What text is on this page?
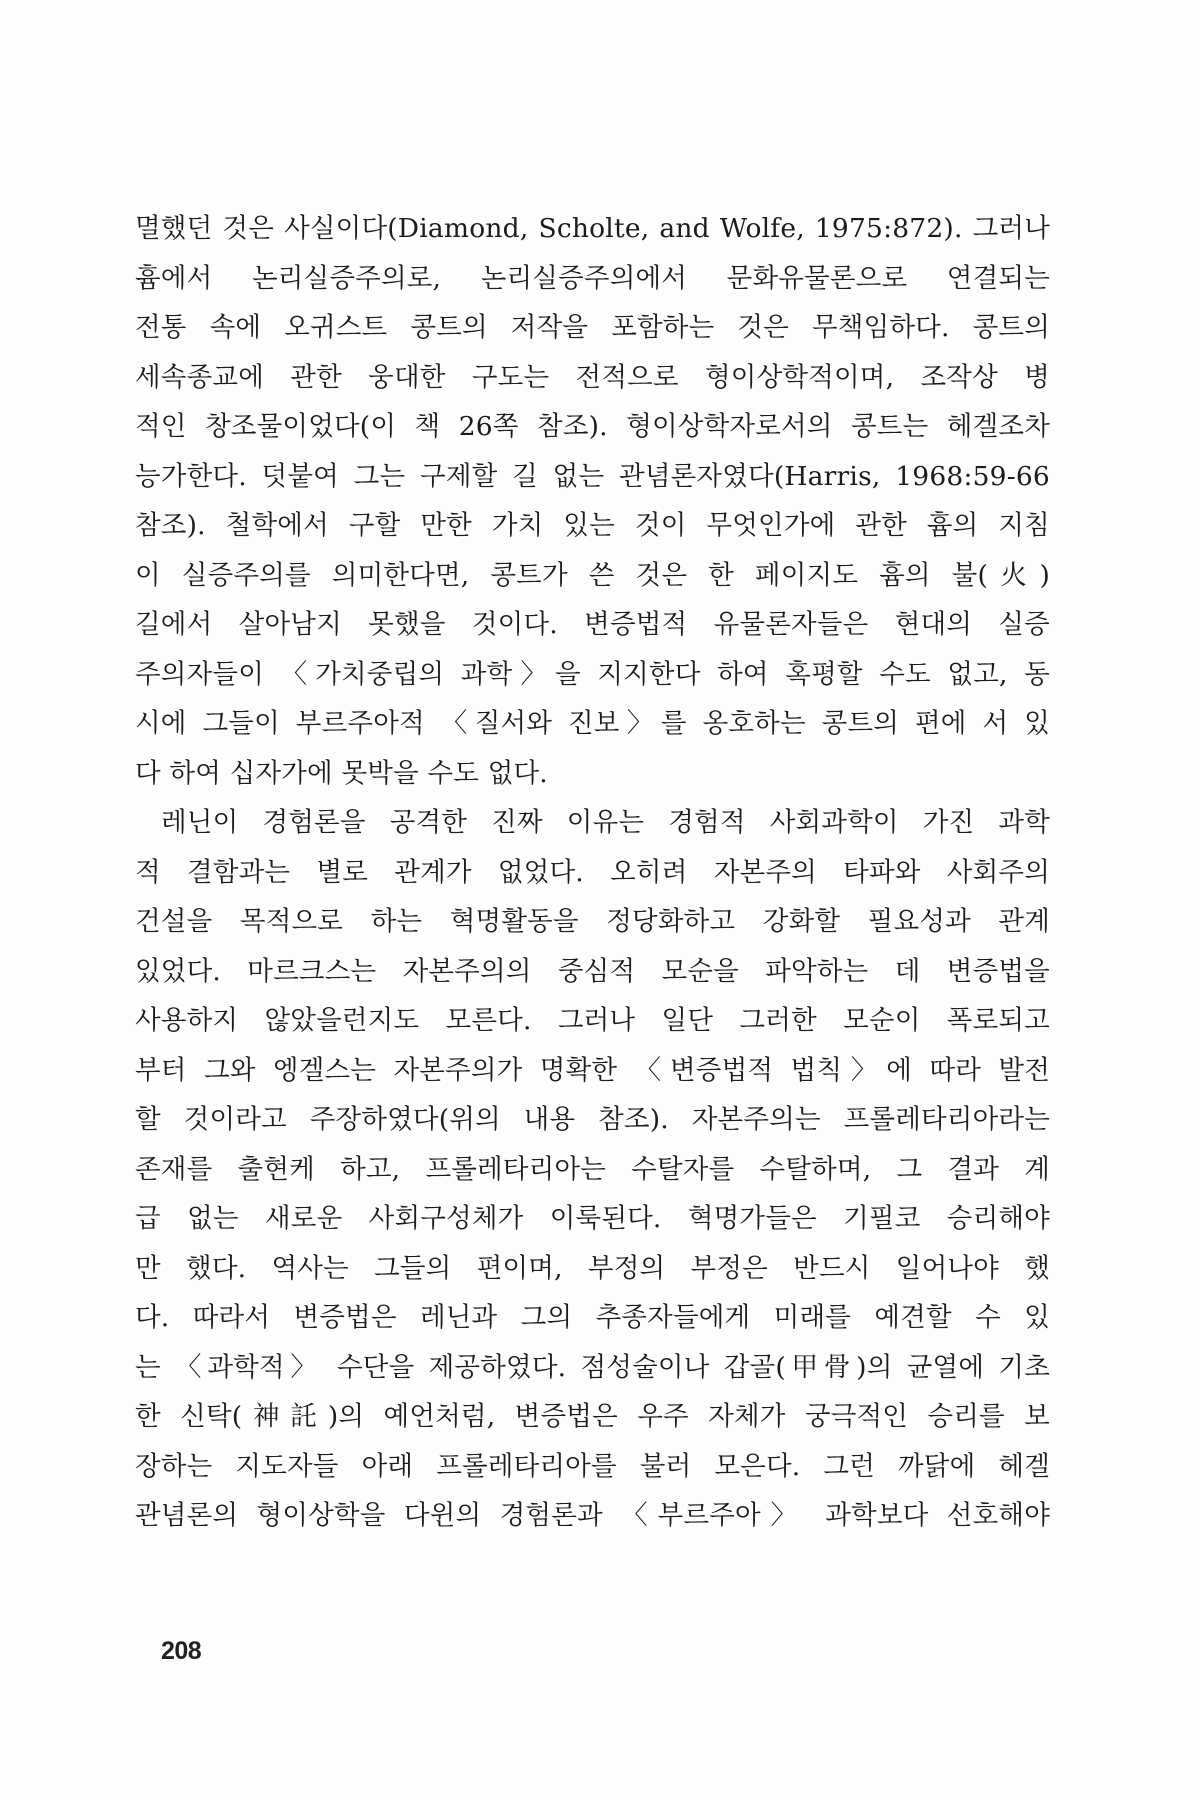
멸했던 것은 사실이다(Diamond, Scholte, and Wolfe, 1975:872). 그러나
흄에서 논리실증주의로, 논리실증주의에서 문화유물론으로 연결되는
전통 속에 오귀스트 콩트의 저작을 포함하는 것은 무책임하다. 콩트의
세속종교에 관한 웅대한 구도는 전적으로 형이상학적이며, 조작상 병
적인 창조물이었다(이 책 26쪽 참조). 형이상학자로서의 콩트는 헤겔조차
능가한다. 덧붙여 그는 구제할 길 없는 관념론자였다(Harris, 1968:59-66
참조). 철학에서 구할 만한 가치 있는 것이 무엇인가에 관한 흄의 지침
이 실증주의를 의미한다면, 콩트가 쓴 것은 한 페이지도 흄의 불(火)
길에서 살아남지 못했을 것이다. 변증법적 유물론자들은 현대의 실증
주의자들이 〈가치중립의 과학〉을 지지한다 하여 혹평할 수도 없고, 동
시에 그들이 부르주아적 〈질서와 진보〉를 옹호하는 콩트의 편에 서 있
다 하여 십자가에 못박을 수도 없다.
레닌이 경험론을 공격한 진짜 이유는 경험적 사회과학이 가진 과학
적 결함과는 별로 관계가 없었다. 오히려 자본주의 타파와 사회주의
건설을 목적으로 하는 혁명활동을 정당화하고 강화할 필요성과 관계
있었다. 마르크스는 자본주의의 중심적 모순을 파악하는 데 변증법을
사용하지 않았을런지도 모른다. 그러나 일단 그러한 모순이 폭로되고
부터 그와 엥겔스는 자본주의가 명확한 〈변증법적 법칙〉에 따라 발전
할 것이라고 주장하였다(위의 내용 참조). 자본주의는 프롤레타리아라는
존재를 출현케 하고, 프롤레타리아는 수탈자를 수탈하며, 그 결과 계
급 없는 새로운 사회구성체가 이룩된다. 혁명가들은 기필코 승리해야
만 했다. 역사는 그들의 편이며, 부정의 부정은 반드시 일어나야 했
다. 따라서 변증법은 레닌과 그의 추종자들에게 미래를 예견할 수 있
는 〈과학적〉 수단을 제공하였다. 점성술이나 갑골(甲骨)의 균열에 기초
한 신탁(神託)의 예언처럼, 변증법은 우주 자체가 궁극적인 승리를 보
장하는 지도자들 아래 프롤레타리아를 불러 모은다. 그런 까닭에 헤겔
관념론의 형이상학을 다윈의 경험론과 〈부르주아〉 과학보다 선호해야
208
